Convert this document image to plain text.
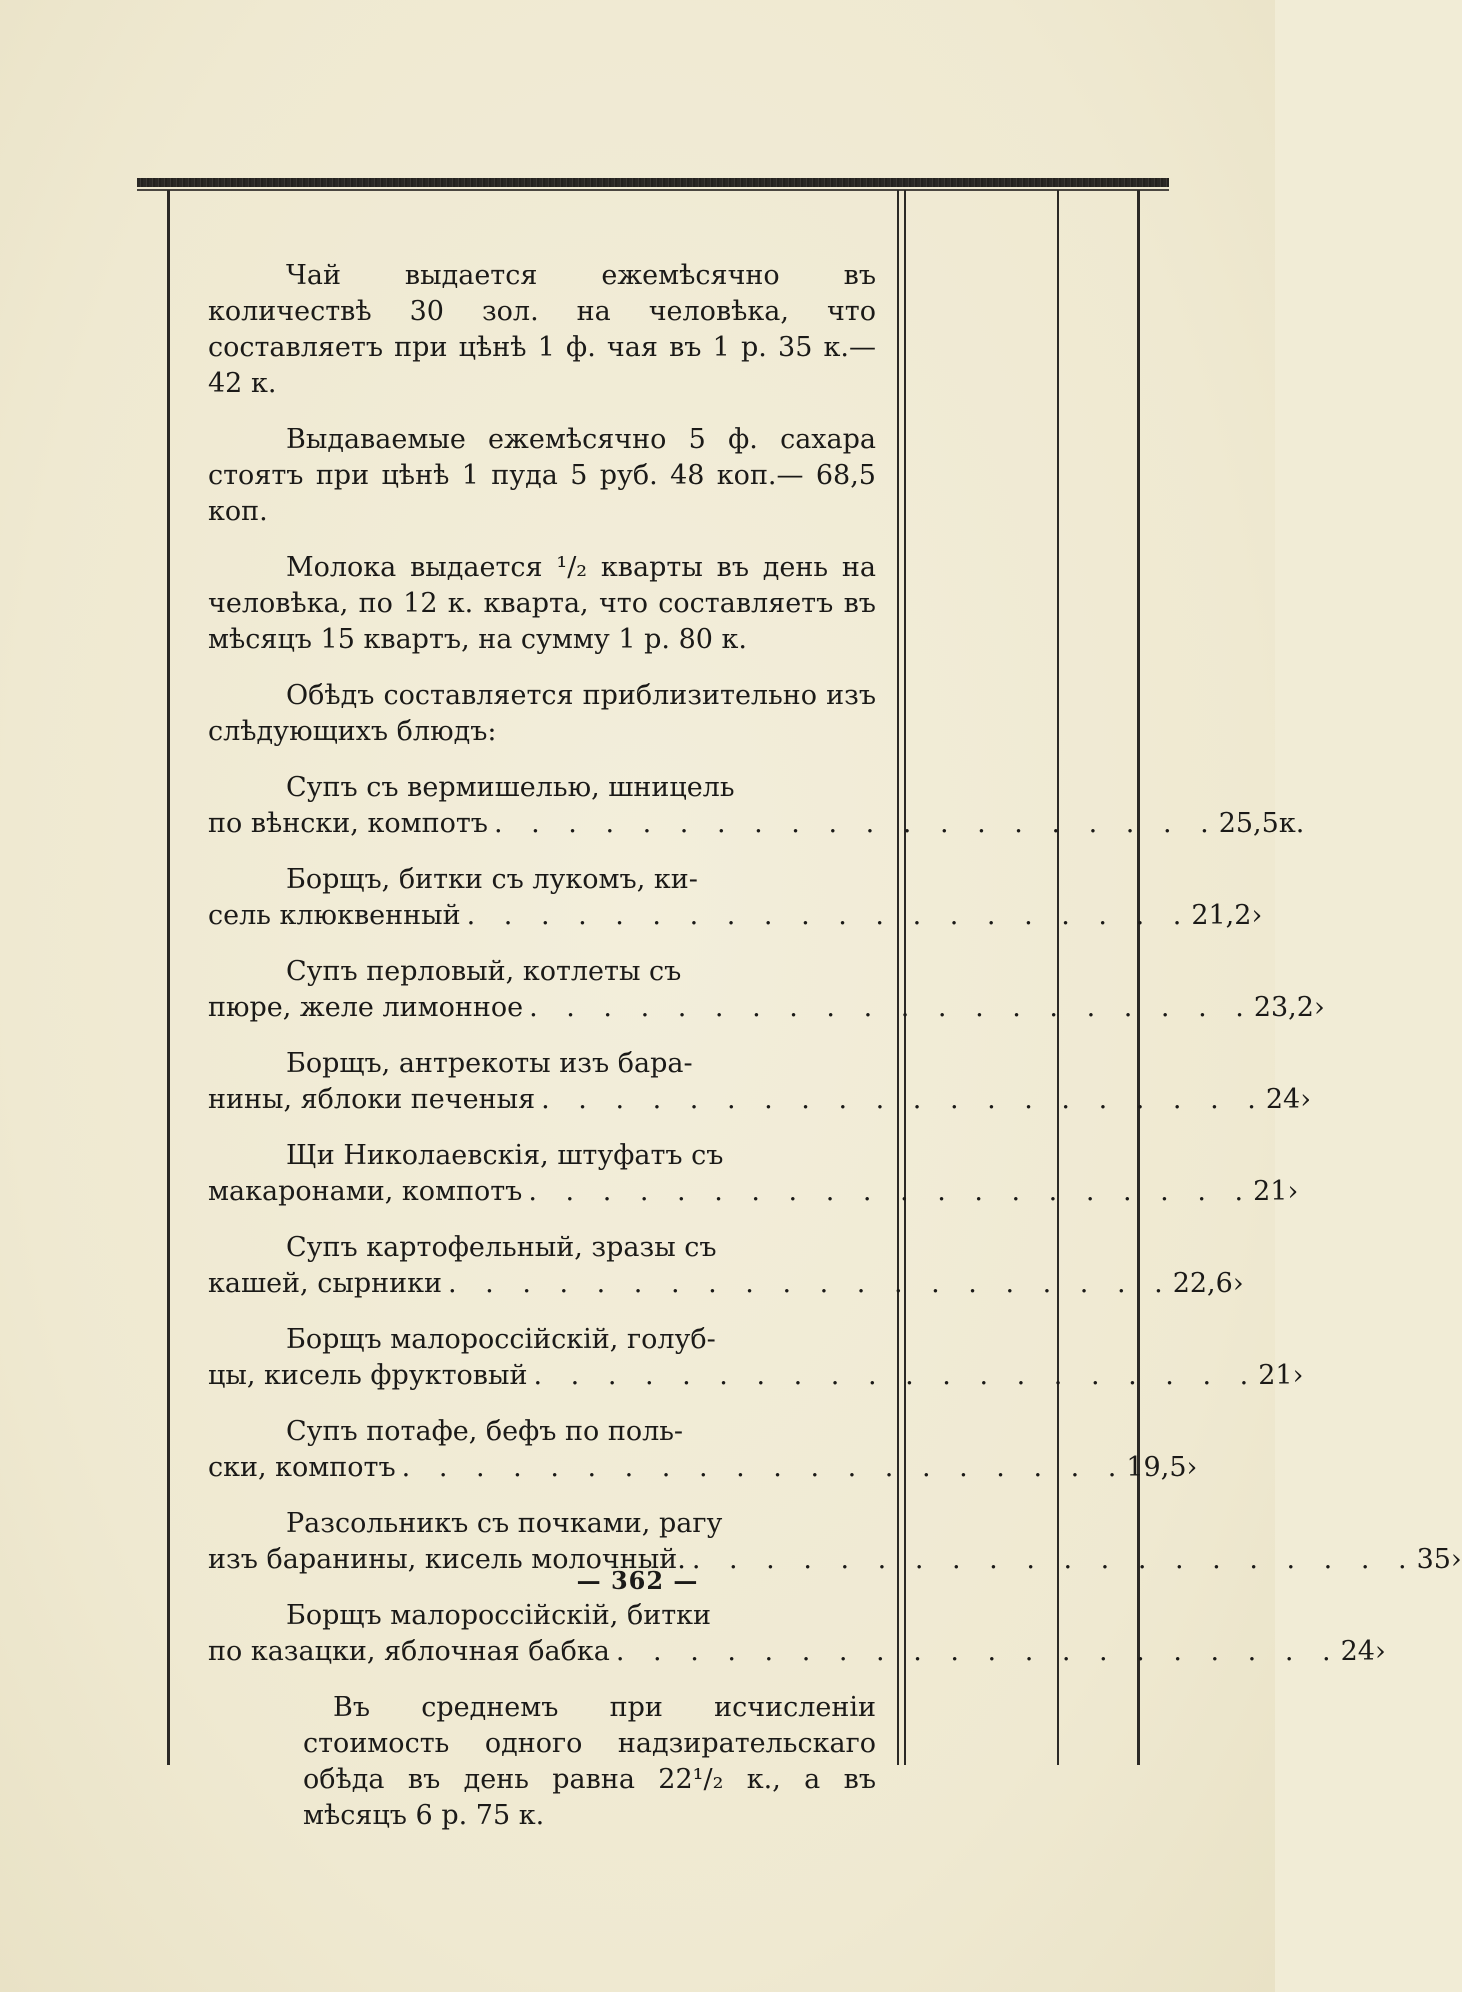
Чай выдается ежемѣсячно въ количествѣ 30 зол. на человѣка, что составляетъ при цѣнѣ 1 ф. чая въ 1 р. 35 к.—42 к.

Выдаваемые ежемѣсячно 5 ф. сахара стоятъ при цѣнѣ 1 пуда 5 руб. 48 коп.— 68,5 коп.

Молока выдается ¹/₂ кварты въ день на человѣка, по 12 к. кварта, что составляетъ въ мѣсяцъ 15 квартъ, на сумму 1 р. 80 к.

Обѣдъ составляется приблизительно изъ слѣдующихъ блюдъ:

Супъ съ вермишелью, шницель
по вѣнски, компотъ . . . . . . . . . . . . . . . . . . . . 25,5 к.
Борщъ, битки съ лукомъ, ки-
сель клюквенный . . . . . . . . . . . . . . . . . . . . 21,2 ›
Супъ перловый, котлеты съ
пюре, желе лимонное . . . . . . . . . . . . . . . . . . . . 23,2 ›
Борщъ, антрекоты изъ бара-
нины, яблоки печеныя . . . . . . . . . . . . . . . . . . . . 24 ›
Щи Николаевскія, штуфатъ съ
макаронами, компотъ . . . . . . . . . . . . . . . . . . . . 21 ›
Супъ картофельный, зразы съ
кашей, сырники . . . . . . . . . . . . . . . . . . . . 22,6 ›
Борщъ малороссійскій, голуб-
цы, кисель фруктовый . . . . . . . . . . . . . . . . . . . . 21 ›
Супъ потафе, бефъ по поль-
ски, компотъ . . . . . . . . . . . . . . . . . . . . 19,5 ›
Разсольникъ съ почками, рагу
изъ баранины, кисель молочный. . . . . . . . . . . . . . . . . . . . . 35 ›
Борщъ малороссійскій, битки
по казацки, яблочная бабка . . . . . . . . . . . . . . . . . . . . 24 ›

Въ среднемъ при исчисленіи стоимость одного надзирательскаго обѣда въ день равна 22¹/₂ к., а въ мѣсяцъ 6 р. 75 к.

— 362 —
